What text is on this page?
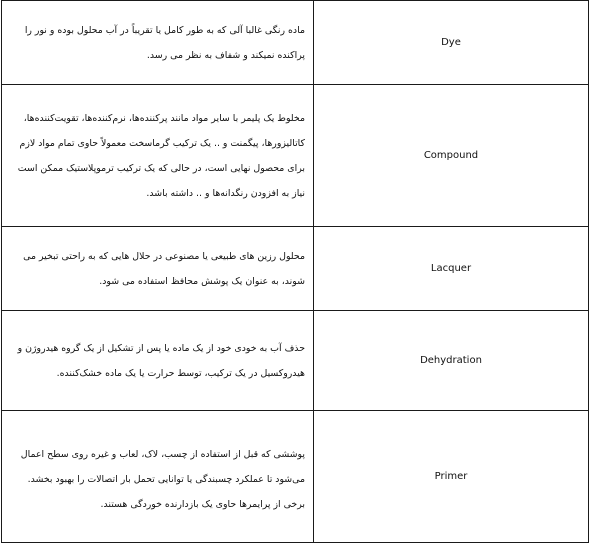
ماده رنگی غالبا آلی که به طور کامل یا تقریباً در آب محلول بوده و نور را پراکنده نمیکند و شفاف به نظر می رسد.	Dye
مخلوط یک پلیمر با سایر مواد مانند پرکننده‌ها، نرم‌کننده‌ها، تقویت‌کننده‌ها، کاتالیزورها، پیگمنت و .. یک ترکیب گرماسخت معمولاً حاوی تمام مواد لازم برای محصول نهایی است، در حالی که یک ترکیب ترموپلاستیک ممکن است نیاز به افزودن رنگدانه‌ها و .. داشته باشد.	Compound
محلول رزین های طبیعی یا مصنوعی در حلال هایی که به راحتی تبخیر می شوند، به عنوان یک پوشش محافظ استفاده می شود.	Lacquer
حذف آب به خودی خود از یک ماده یا پس از تشکیل از یک گروه هیدروژن و هیدروکسیل در یک ترکیب، توسط حرارت یا یک ماده خشک‌کننده.	Dehydration
پوششی که قبل از استفاده از چسب، لاک، لعاب و غیره روی سطح اعمال می‌شود تا عملکرد چسبندگی یا توانایی تحمل بار اتصالات را بهبود بخشد. برخی از پرایمرها حاوی یک بازدارنده خوردگی هستند.	Primer
